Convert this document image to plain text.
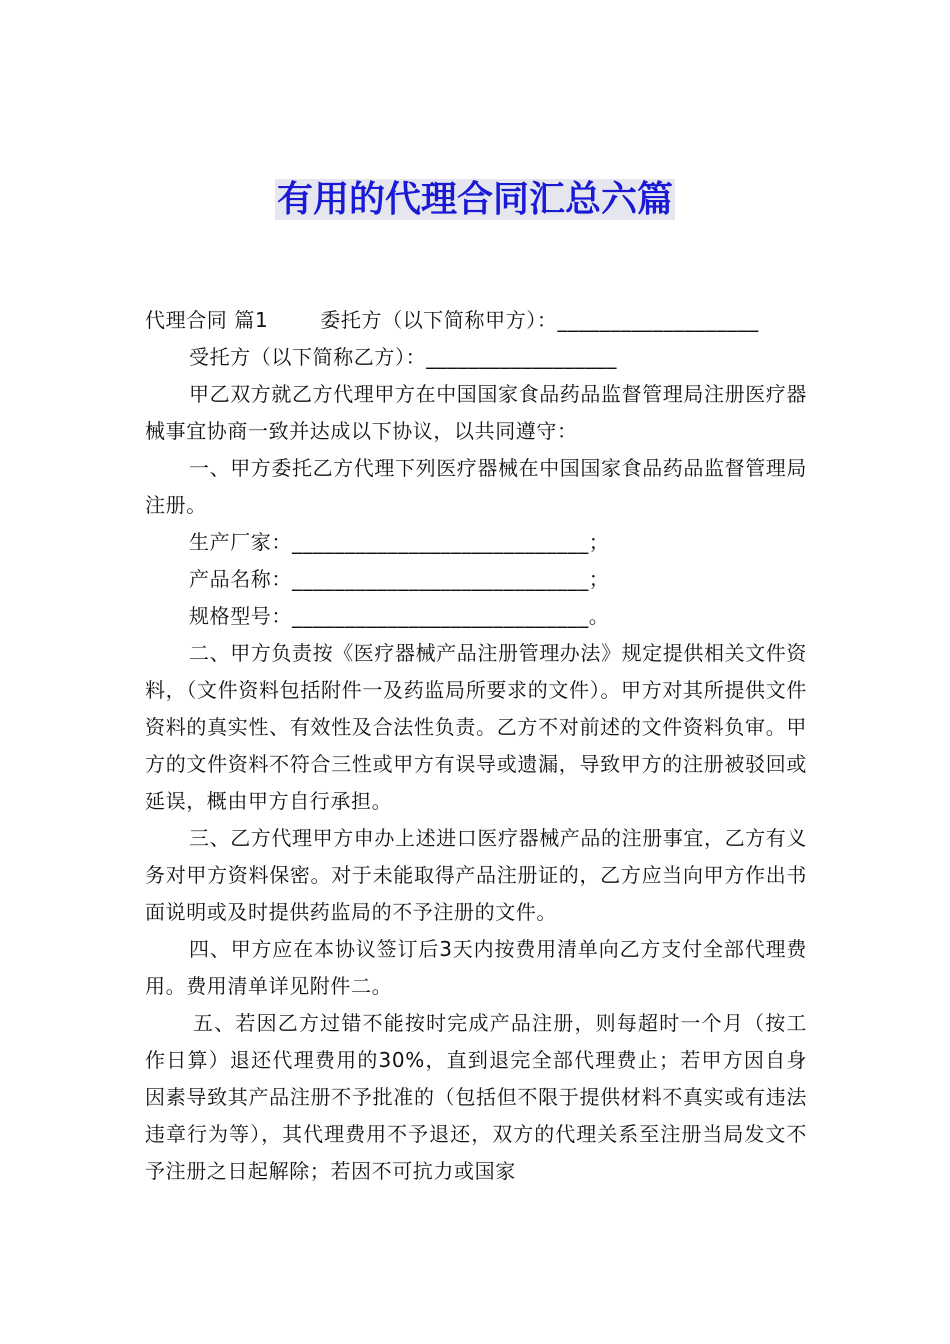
有用的代理合同汇总六篇

代理合同 篇1	委托方（以下简称甲方）：___________________

受托方（以下简称乙方）：__________________

甲乙双方就乙方代理甲方在中国国家食品药品监督管理局注册医疗器械事宜协商一致并达成以下协议，以共同遵守：

一、甲方委托乙方代理下列医疗器械在中国国家食品药品监督管理局注册。

生产厂家：____________________________；

产品名称：____________________________；

规格型号：____________________________。

二、甲方负责按《医疗器械产品注册管理办法》规定提供相关文件资料，（文件资料包括附件一及药监局所要求的文件）。甲方对其所提供文件资料的真实性、有效性及合法性负责。乙方不对前述的文件资料负审。甲方的文件资料不符合三性或甲方有误导或遗漏，导致甲方的注册被驳回或延误，概由甲方自行承担。

三、乙方代理甲方申办上述进口医疗器械产品的注册事宜，乙方有义务对甲方资料保密。对于未能取得产品注册证的，乙方应当向甲方作出书面说明或及时提供药监局的不予注册的文件。

四、甲方应在本协议签订后3天内按费用清单向乙方支付全部代理费用。费用清单详见附件二。

五、若因乙方过错不能按时完成产品注册，则每超时一个月（按工作日算）退还代理费用的30%，直到退完全部代理费止；若甲方因自身因素导致其产品注册不予批准的（包括但不限于提供材料不真实或有违法违章行为等），其代理费用不予退还，双方的代理关系至注册当局发文不予注册之日起解除；若因不可抗力或国家
